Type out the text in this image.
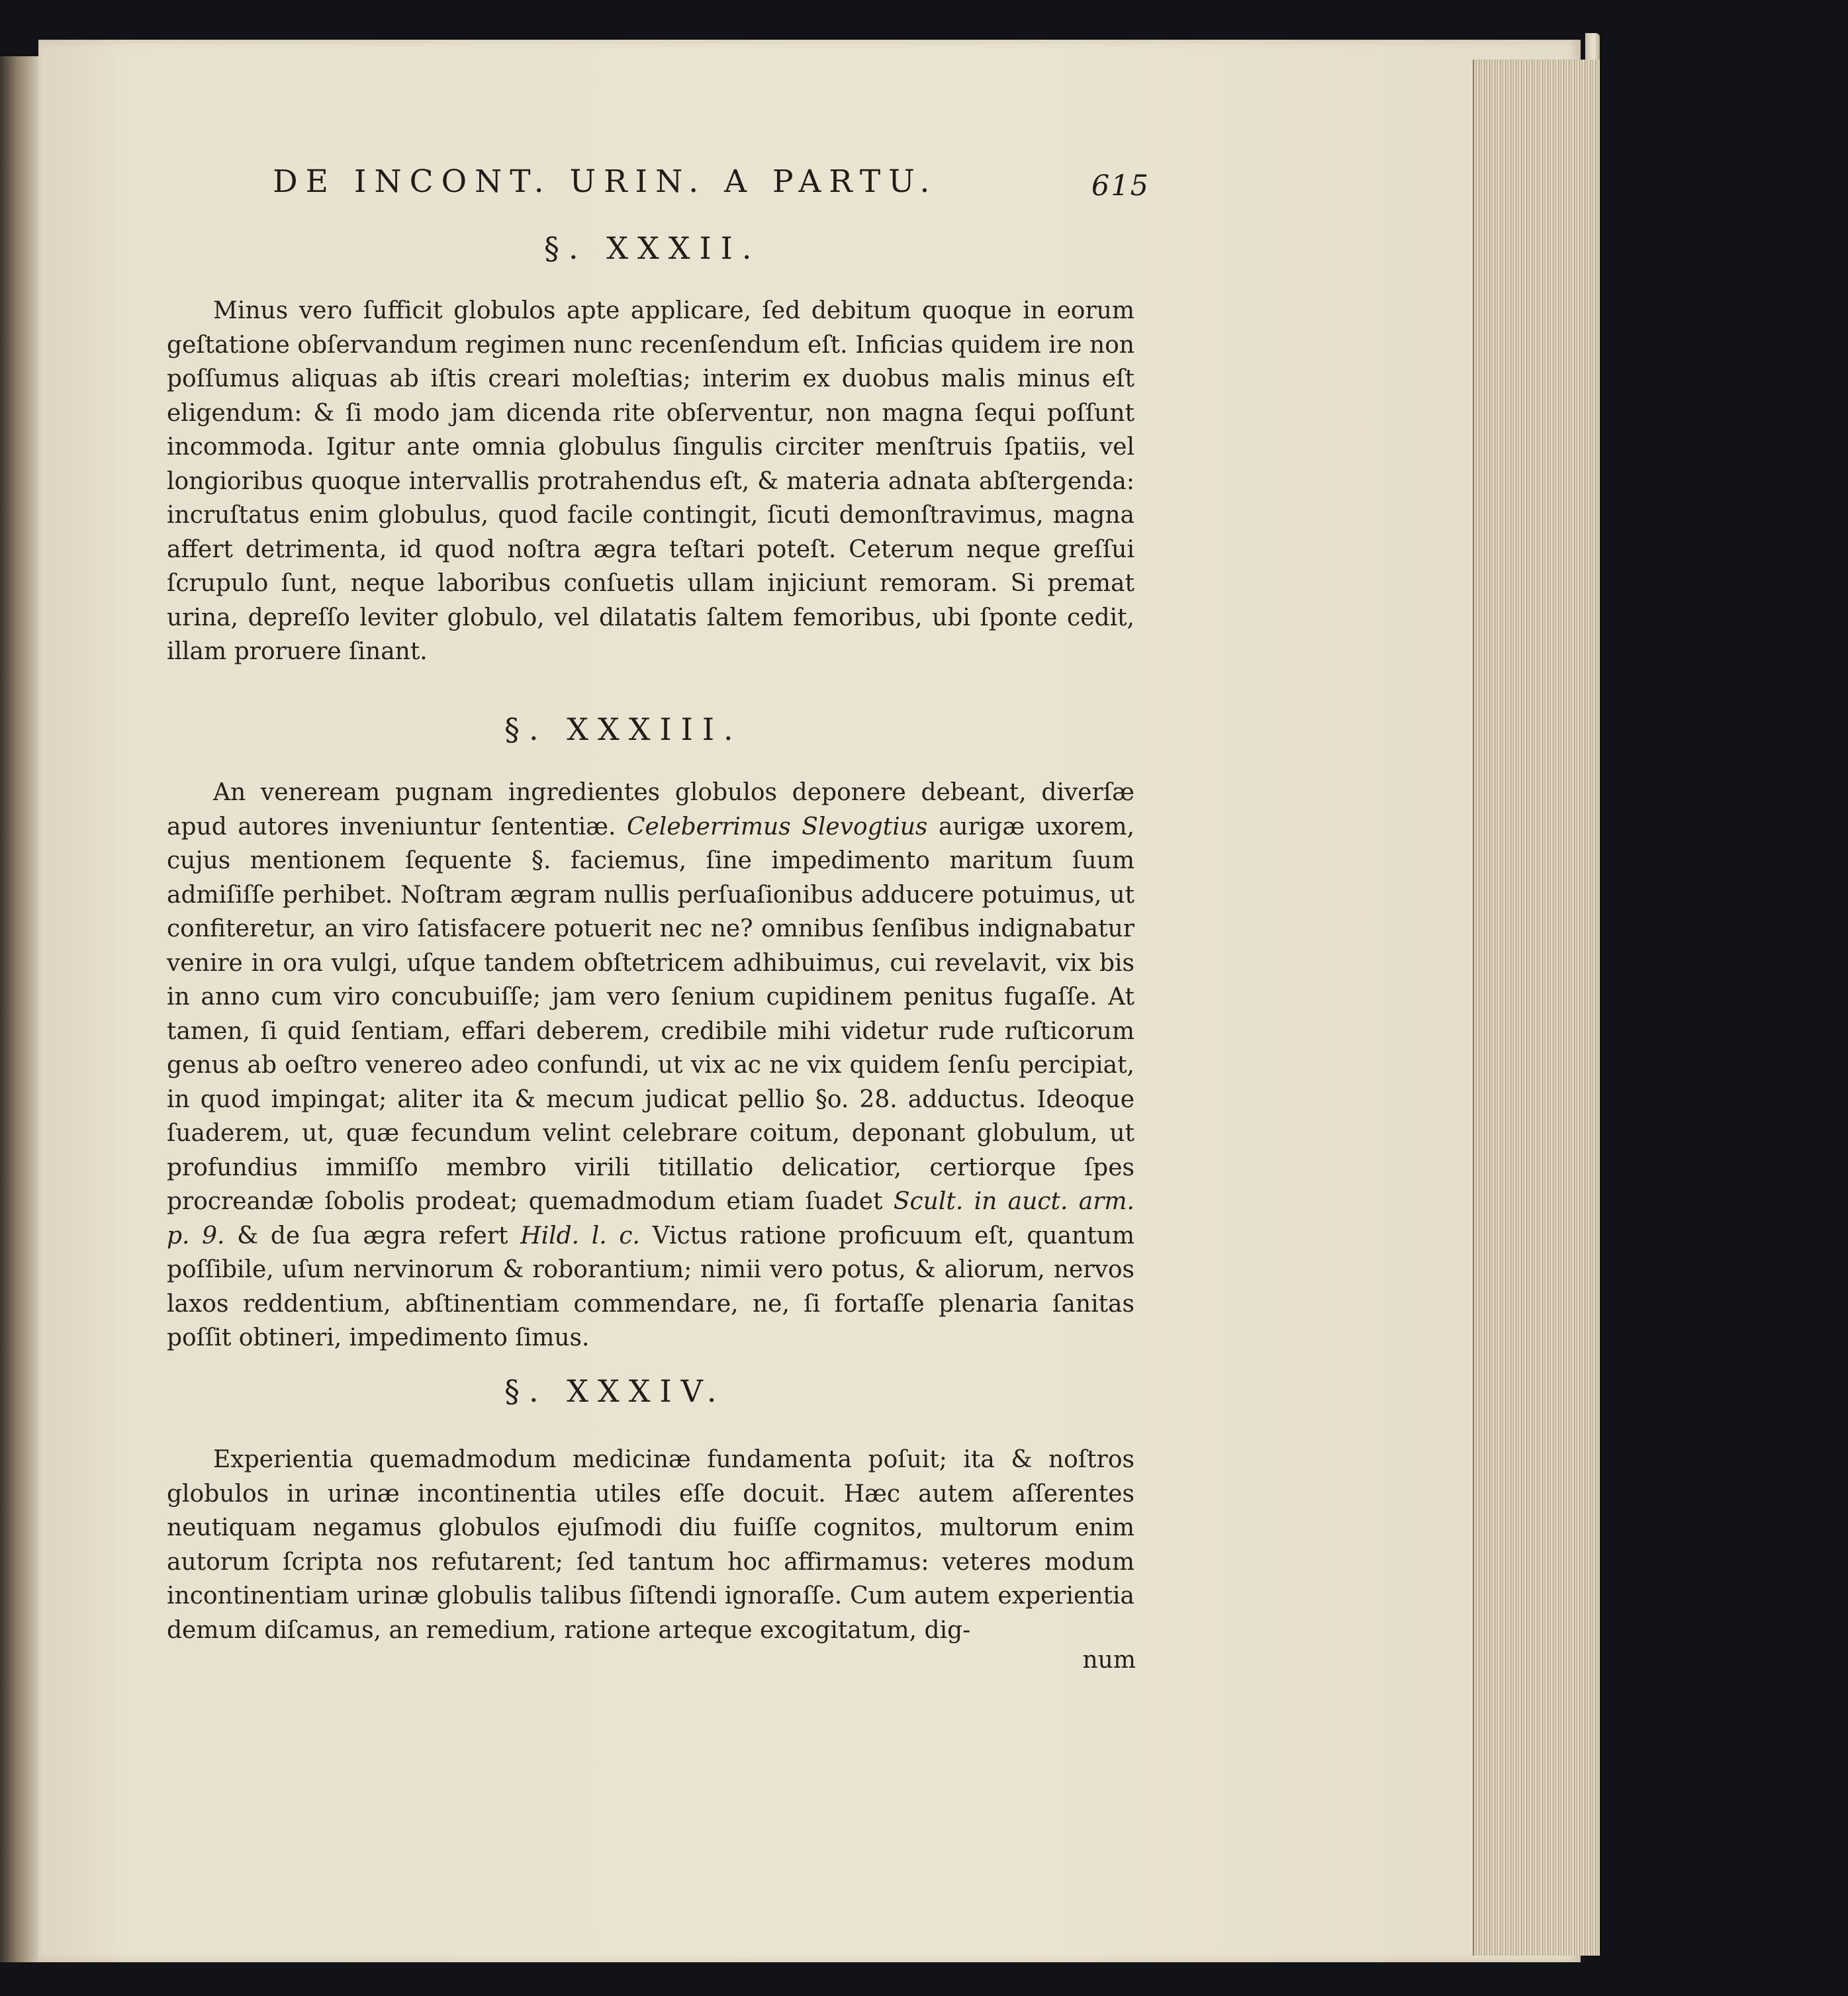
DE INCONT. URIN. A PARTU.	615
§. XXXII.

Minus vero ſufficit globulos apte applicare, ſed debitum quoque in eorum geſtatione obſervandum regimen nunc recenſendum eſt. Inficias quidem ire non poſſumus aliquas ab iſtis creari moleſtias; interim ex duobus malis minus eſt eligendum: & ſi modo jam dicenda rite obſerventur, non magna ſequi poſſunt incommoda. Igitur ante omnia globulus ſingulis circiter menſtruis ſpatiis, vel longioribus quoque intervallis protrahendus eſt, & materia adnata abſtergenda: incruſtatus enim globulus, quod facile contingit, ſicuti demonſtravimus, magna affert detrimenta, id quod noſtra ægra teſtari poteſt. Ceterum neque greſſui ſcrupulo ſunt, neque laboribus conſuetis ullam injiciunt remoram. Si premat urina, depreſſo leviter globulo, vel dilatatis ſaltem femoribus, ubi ſponte cedit, illam proruere ſinant.

§. XXXIII.

An veneream pugnam ingredientes globulos deponere debeant, diverſæ apud autores inveniuntur ſententiæ. Celeberrimus Slevogtius aurigæ uxorem, cujus mentionem ſequente §. faciemus, ſine impedimento maritum ſuum admiſiſſe perhibet. Noſtram ægram nullis perſuaſionibus adducere potuimus, ut confiteretur, an viro ſatisfacere potuerit nec ne? omnibus ſenſibus indignabatur venire in ora vulgi, uſque tandem obſtetricem adhibuimus, cui revelavit, vix bis in anno cum viro concubuiſſe; jam vero ſenium cupidinem penitus fugaſſe. At tamen, ſi quid ſentiam, effari deberem, credibile mihi videtur rude ruſticorum genus ab oeſtro venereo adeo confundi, ut vix ac ne vix quidem ſenſu percipiat, in quod impingat; aliter ita & mecum judicat pellio §o. 28. adductus. Ideoque ſuaderem, ut, quæ fecundum velint celebrare coitum, deponant globulum, ut profundius immiſſo membro virili titillatio delicatior, certiorque ſpes procreandæ ſobolis prodeat; quemadmodum etiam ſuadet Scult. in auct. arm. p. 9. & de ſua ægra refert Hild. l. c. Victus ratione proficuum eſt, quantum poſſibile, uſum nervinorum & roborantium; nimii vero potus, & aliorum, nervos laxos reddentium, abſtinentiam commendare, ne, ſi fortaſſe plenaria ſanitas poſſit obtineri, impedimento ſimus.

§. XXXIV.

Experientia quemadmodum medicinæ fundamenta poſuit; ita & noſtros globulos in urinæ incontinentia utiles eſſe docuit. Hæc autem aſſerentes neutiquam negamus globulos ejuſmodi diu fuiſſe cognitos, multorum enim autorum ſcripta nos refutarent; ſed tantum hoc affirmamus: veteres modum incontinentiam urinæ globulis talibus ſiſtendi ignoraſſe. Cum autem experientia demum diſcamus, an remedium, ratione arteque excogitatum, dig-

num
